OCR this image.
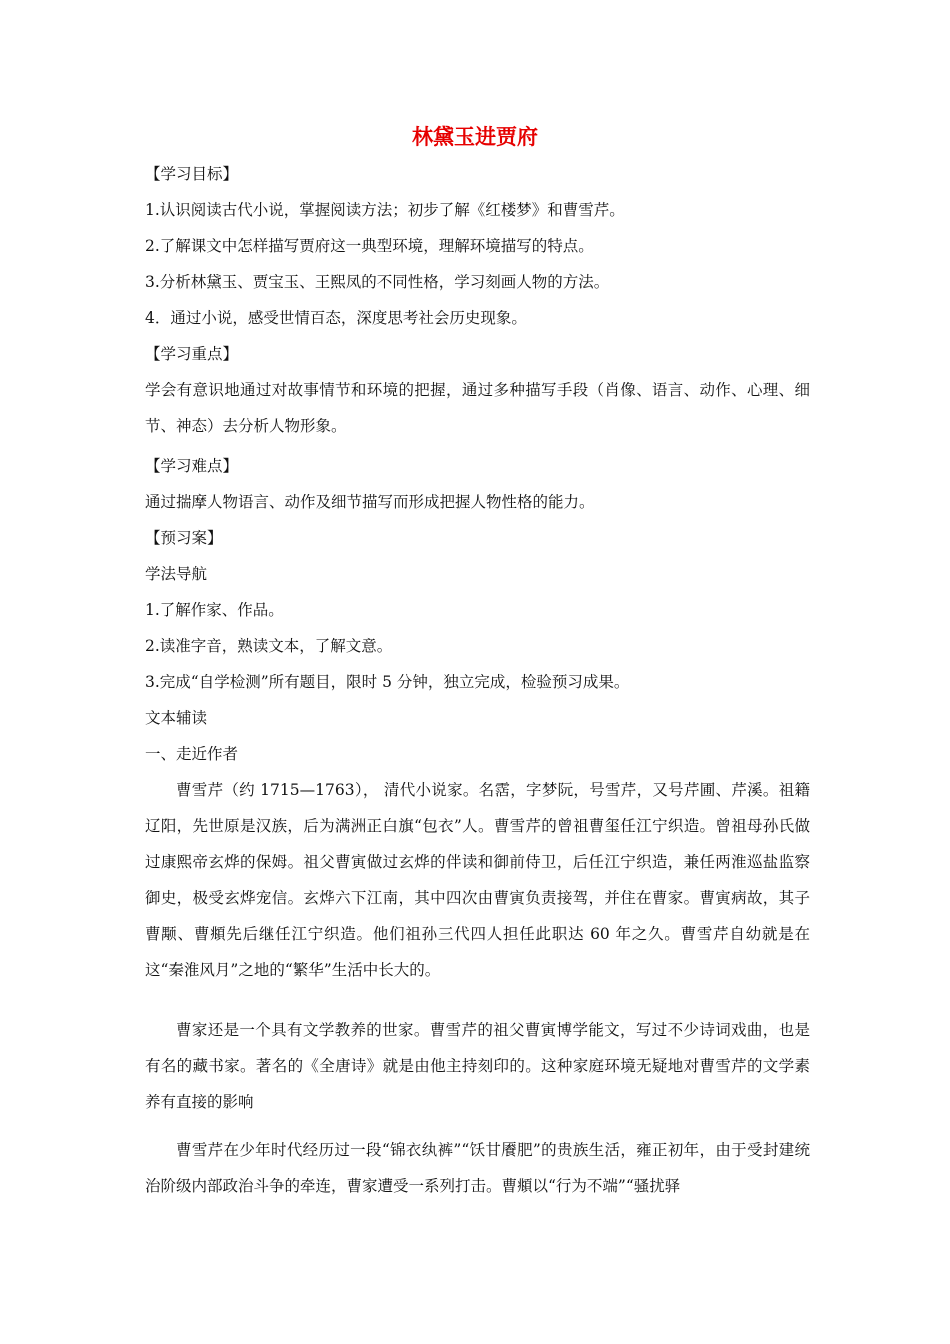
林黛玉进贾府
【学习目标】
1.认识阅读古代小说，掌握阅读方法；初步了解《红楼梦》和曹雪芹。
2.了解课文中怎样描写贾府这一典型环境，理解环境描写的特点。
3.分析林黛玉、贾宝玉、王熙凤的不同性格，学习刻画人物的方法。
4．通过小说，感受世情百态，深度思考社会历史现象。
【学习重点】
学会有意识地通过对故事情节和环境的把握，通过多种描写手段（肖像、语言、动作、心理、细节、神态）去分析人物形象。
【学习难点】
通过揣摩人物语言、动作及细节描写而形成把握人物性格的能力。
【预习案】
学法导航
1.了解作家、作品。
2.读准字音，熟读文本，了解文意。
3.完成“自学检测”所有题目，限时 5 分钟，独立完成，检验预习成果。
文本辅读
一、走近作者
曹雪芹（约 1715—1763）， 清代小说家。名霑，字梦阮，号雪芹，又号芹圃、芹溪。祖籍辽阳，先世原是汉族，后为满洲正白旗“包衣”人。曹雪芹的曾祖曹玺任江宁织造。曾祖母孙氏做过康熙帝玄烨的保姆。祖父曹寅做过玄烨的伴读和御前侍卫，后任江宁织造，兼任两淮巡盐监察御史，极受玄烨宠信。玄烨六下江南，其中四次由曹寅负责接驾，并住在曹家。曹寅病故，其子曹颙、曹頫先后继任江宁织造。他们祖孙三代四人担任此职达 60 年之久。曹雪芹自幼就是在这“秦淮风月”之地的“繁华”生活中长大的。
曹家还是一个具有文学教养的世家。曹雪芹的祖父曹寅博学能文，写过不少诗词戏曲，也是有名的藏书家。著名的《全唐诗》就是由他主持刻印的。这种家庭环境无疑地对曹雪芹的文学素养有直接的影响
曹雪芹在少年时代经历过一段“锦衣纨裤”“饫甘餍肥”的贵族生活，雍正初年，由于受封建统治阶级内部政治斗争的牵连，曹家遭受一系列打击。曹頫以“行为不端”“骚扰驿
